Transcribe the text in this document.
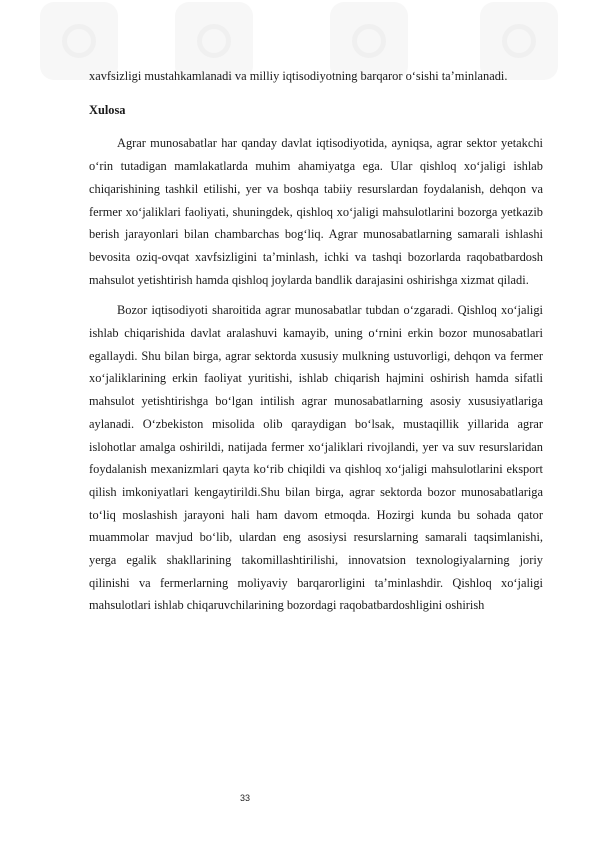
xavfsizligi mustahkamlanadi va milliy iqtisodiyotning barqaror oʻsishi taʼminlanadi.

Xulosa

Agrar munosabatlar har qanday davlat iqtisodiyotida, ayniqsa, agrar sektor yetakchi oʻrin tutadigan mamlakatlarda muhim ahamiyatga ega. Ular qishloq xoʻjaligi ishlab chiqarishining tashkil etilishi, yer va boshqa tabiiy resurslardan foydalanish, dehqon va fermer xoʻjaliklari faoliyati, shuningdek, qishloq xoʻjaligi mahsulotlarini bozorga yetkazib berish jarayonlari bilan chambarchas bogʻliq. Agrar munosabatlarning samarali ishlashi bevosita oziq-ovqat xavfsizligini taʼminlash, ichki va tashqi bozorlarda raqobatbardosh mahsulot yetishtirish hamda qishloq joylarda bandlik darajasini oshirishga xizmat qiladi.

Bozor iqtisodiyoti sharoitida agrar munosabatlar tubdan oʻzgaradi. Qishloq xoʻjaligi ishlab chiqarishida davlat aralashuvi kamayib, uning oʻrnini erkin bozor munosabatlari egallaydi. Shu bilan birga, agrar sektorda xususiy mulkning ustuvorligi, dehqon va fermer xoʻjaliklarining erkin faoliyat yuritishi, ishlab chiqarish hajmini oshirish hamda sifatli mahsulot yetishtirishga boʻlgan intilish agrar munosabatlarning asosiy xususiyatlariga aylanadi. Oʻzbekiston misolida olib qaraydigan boʻlsak, mustaqillik yillarida agrar islohotlar amalga oshirildi, natijada fermer xoʻjaliklari rivojlandi, yer va suv resurslaridan foydalanish mexanizmlari qayta koʻrib chiqildi va qishloq xoʻjaligi mahsulotlarini eksport qilish imkoniyatlari kengaytirildi.Shu bilan birga, agrar sektorda bozor munosabatlariga toʻliq moslashish jarayoni hali ham davom etmoqda. Hozirgi kunda bu sohada qator muammolar mavjud boʻlib, ulardan eng asosiysi resurslarning samarali taqsimlanishi, yerga egalik shakllarining takomillashtirilishi, innovatsion texnologiyalarning joriy qilinishi va fermerlarning moliyaviy barqarorligini taʼminlashdir. Qishloq xoʻjaligi mahsulotlari ishlab chiqaruvchilarining bozordagi raqobatbardoshligini oshirish

33
